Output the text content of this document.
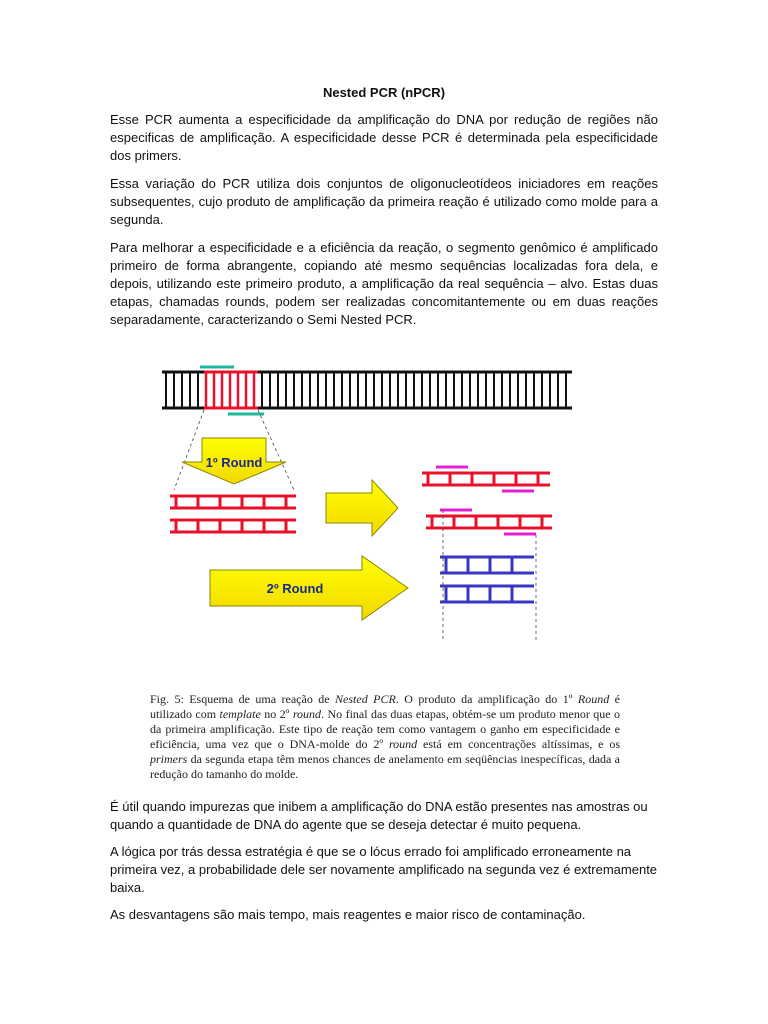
Nested PCR (nPCR)

Esse PCR aumenta a especificidade da amplificação do DNA por redução de regiões não especificas de amplificação. A especificidade desse PCR é determinada pela especificidade dos primers.

Essa variação do PCR utiliza dois conjuntos de oligonucleotídeos iniciadores em reações subsequentes, cujo produto de amplificação da primeira reação é utilizado como molde para a segunda.

Para melhorar a especificidade e a eficiência da reação, o segmento genômico é amplificado primeiro de forma abrangente, copiando até mesmo sequências localizadas fora dela, e depois, utilizando este primeiro produto, a amplificação da real sequência – alvo. Estas duas etapas, chamadas rounds, podem ser realizadas concomitantemente ou em duas reações separadamente, caracterizando o Semi Nested PCR.

1º Round
2º Round

Fig. 5: Esquema de uma reação de Nested PCR. O produto da amplificação do 1º Round é utilizado com template no 2º round. No final das duas etapas, obtém-se um produto menor que o da primeira amplificação. Este tipo de reação tem como vantagem o ganho em especificidade e eficiência, uma vez que o DNA-molde do 2º round está em concentrações altíssimas, e os primers da segunda etapa têm menos chances de anelamento em seqüências inespecíficas, dada a redução do tamanho do molde.

É útil quando impurezas que inibem a amplificação do DNA estão presentes nas amostras ou quando a quantidade de DNA do agente que se deseja detectar é muito pequena.

A lógica por trás dessa estratégia é que se o lócus errado foi amplificado erroneamente na primeira vez, a probabilidade dele ser novamente amplificado na segunda vez é extremamente baixa.

As desvantagens são mais tempo, mais reagentes e maior risco de contaminação.
